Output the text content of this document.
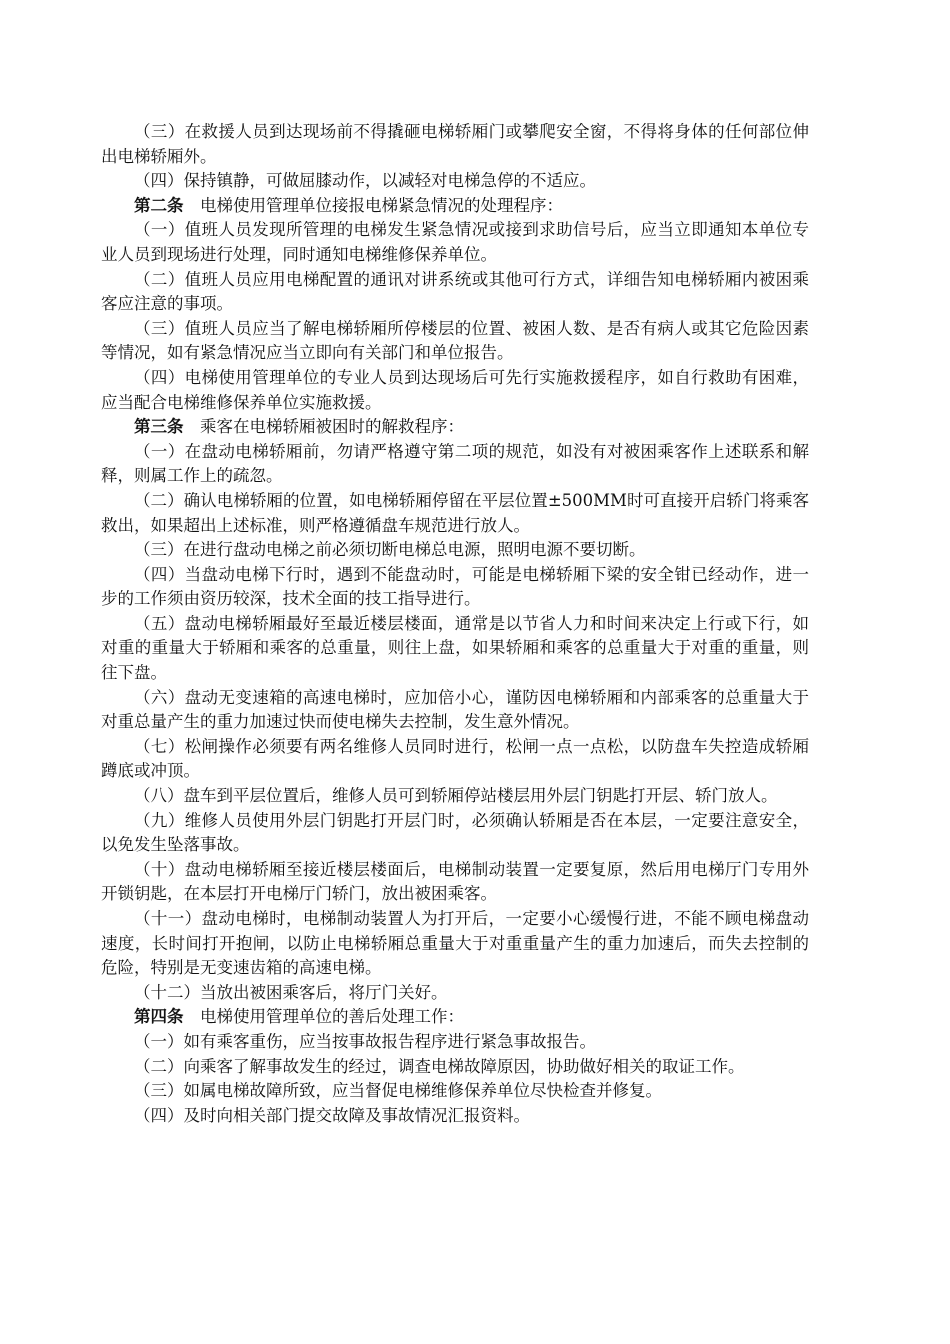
（三）在救援人员到达现场前不得撬砸电梯轿厢门或攀爬安全窗，不得将身体的任何部位伸出电梯轿厢外。

（四）保持镇静，可做屈膝动作，以减轻对电梯急停的不适应。

第二条　电梯使用管理单位接报电梯紧急情况的处理程序：

（一）值班人员发现所管理的电梯发生紧急情况或接到求助信号后，应当立即通知本单位专业人员到现场进行处理，同时通知电梯维修保养单位。

（二）值班人员应用电梯配置的通讯对讲系统或其他可行方式，详细告知电梯轿厢内被困乘客应注意的事项。

（三）值班人员应当了解电梯轿厢所停楼层的位置、被困人数、是否有病人或其它危险因素等情况，如有紧急情况应当立即向有关部门和单位报告。

（四）电梯使用管理单位的专业人员到达现场后可先行实施救援程序，如自行救助有困难，应当配合电梯维修保养单位实施救援。

第三条　乘客在电梯轿厢被困时的解救程序：

（一）在盘动电梯轿厢前，勿请严格遵守第二项的规范，如没有对被困乘客作上述联系和解释，则属工作上的疏忽。

（二）确认电梯轿厢的位置，如电梯轿厢停留在平层位置±500MM时可直接开启轿门将乘客救出，如果超出上述标准，则严格遵循盘车规范进行放人。

（三）在进行盘动电梯之前必须切断电梯总电源，照明电源不要切断。

（四）当盘动电梯下行时，遇到不能盘动时，可能是电梯轿厢下梁的安全钳已经动作，进一步的工作须由资历较深，技术全面的技工指导进行。

（五）盘动电梯轿厢最好至最近楼层楼面，通常是以节省人力和时间来决定上行或下行，如对重的重量大于轿厢和乘客的总重量，则往上盘，如果轿厢和乘客的总重量大于对重的重量，则往下盘。

（六）盘动无变速箱的高速电梯时，应加倍小心，谨防因电梯轿厢和内部乘客的总重量大于对重总量产生的重力加速过快而使电梯失去控制，发生意外情况。

（七）松闸操作必须要有两名维修人员同时进行，松闸一点一点松，以防盘车失控造成轿厢蹲底或冲顶。

（八）盘车到平层位置后，维修人员可到轿厢停站楼层用外层门钥匙打开层、轿门放人。

（九）维修人员使用外层门钥匙打开层门时，必须确认轿厢是否在本层，一定要注意安全，以免发生坠落事故。

（十）盘动电梯轿厢至接近楼层楼面后，电梯制动装置一定要复原，然后用电梯厅门专用外开锁钥匙，在本层打开电梯厅门轿门，放出被困乘客。

（十一）盘动电梯时，电梯制动装置人为打开后，一定要小心缓慢行进，不能不顾电梯盘动速度，长时间打开抱闸，以防止电梯轿厢总重量大于对重重量产生的重力加速后，而失去控制的危险，特别是无变速齿箱的高速电梯。

（十二）当放出被困乘客后，将厅门关好。

第四条　电梯使用管理单位的善后处理工作：

（一）如有乘客重伤，应当按事故报告程序进行紧急事故报告。

（二）向乘客了解事故发生的经过，调查电梯故障原因，协助做好相关的取证工作。

（三）如属电梯故障所致，应当督促电梯维修保养单位尽快检查并修复。

（四）及时向相关部门提交故障及事故情况汇报资料。
